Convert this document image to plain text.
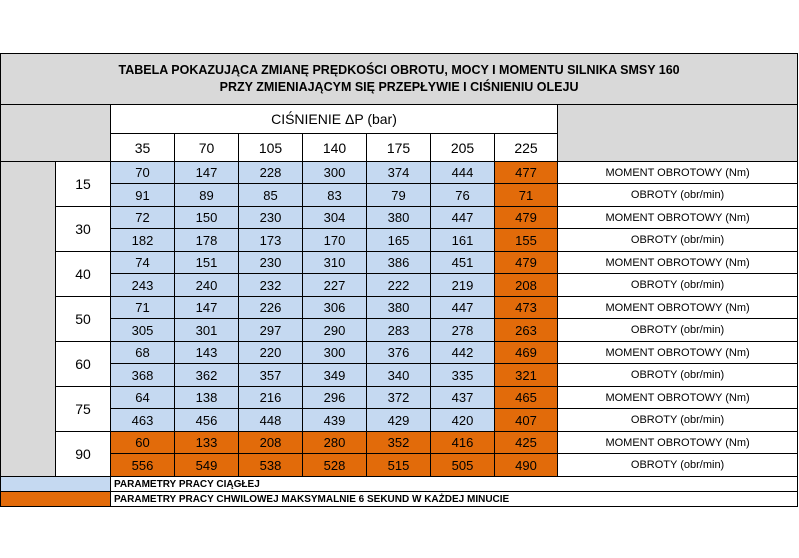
TABELA POKAZUJĄCA ZMIANĘ PRĘDKOŚCI OBROTU, MOCY I MOMENTU SILNIKA SMSY 160
PRZY ZMIENIAJĄCYM SIĘ PRZEPŁYWIE I CIŚNIENIU OLEJU									

		CIŚNIENIE ΔP (bar)							
		35	70	105	140	175	205	225	
	15	70	147	228	300	374	444	477	MOMENT OBROTOWY (Nm)
		91	89	85	83	79	76	71	OBROTY (obr/min)
	30	72	150	230	304	380	447	479	MOMENT OBROTOWY (Nm)
		182	178	173	170	165	161	155	OBROTY (obr/min)
	40	74	151	230	310	386	451	479	MOMENT OBROTOWY (Nm)
		243	240	232	227	222	219	208	OBROTY (obr/min)
	50	71	147	226	306	380	447	473	MOMENT OBROTOWY (Nm)
		305	301	297	290	283	278	263	OBROTY (obr/min)
	60	68	143	220	300	376	442	469	MOMENT OBROTOWY (Nm)
		368	362	357	349	340	335	321	OBROTY (obr/min)
	75	64	138	216	296	372	437	465	MOMENT OBROTOWY (Nm)
		463	456	448	439	429	420	407	OBROTY (obr/min)
	90	60	133	208	280	352	416	425	MOMENT OBROTOWY (Nm)
		556	549	538	528	515	505	490	OBROTY (obr/min)
		PARAMETRY PRACY CIĄGŁEJ							
		PARAMETRY PRACY CHWILOWEJ MAKSYMALNIE 6 SEKUND W KAŻDEJ MINUCIE							
